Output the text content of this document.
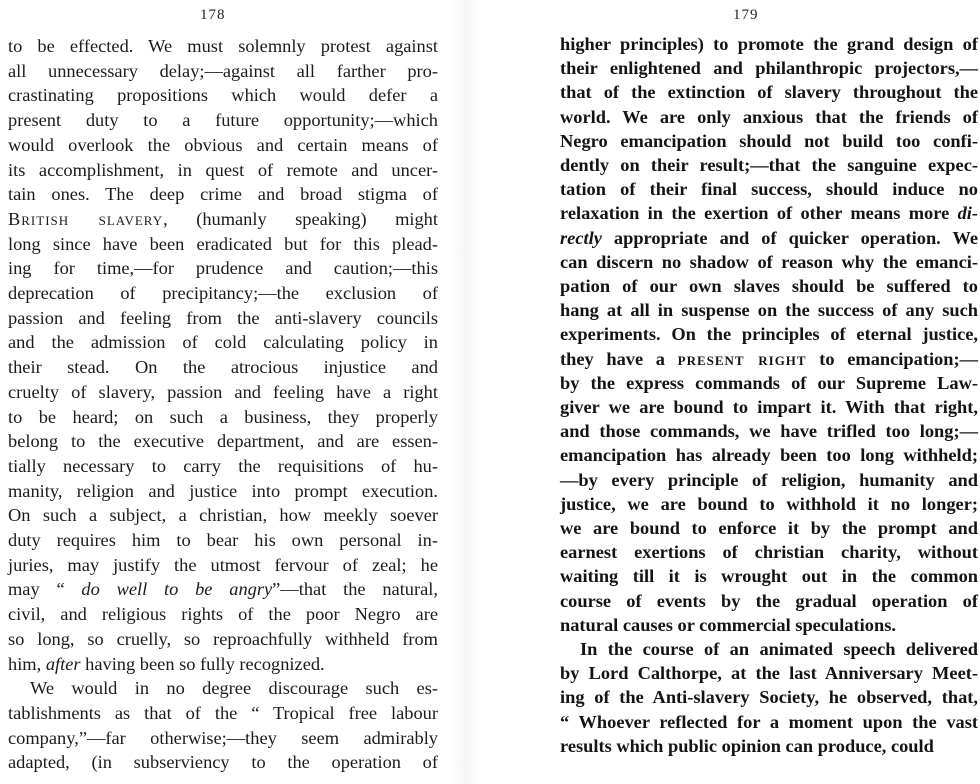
178
to be effected. We must solemnly protest against
all unnecessary delay;—against all farther pro-
crastinating propositions which would defer a
present duty to a future opportunity;—which
would overlook the obvious and certain means of
its accomplishment, in quest of remote and uncer-
tain ones. The deep crime and broad stigma of
British slavery, (humanly speaking) might
long since have been eradicated but for this plead-
ing for time,—for prudence and caution;—this
deprecation of precipitancy;—the exclusion of
passion and feeling from the anti-slavery councils
and the admission of cold calculating policy in
their stead. On the atrocious injustice and
cruelty of slavery, passion and feeling have a right
to be heard; on such a business, they properly
belong to the executive department, and are essen-
tially necessary to carry the requisitions of hu-
manity, religion and justice into prompt execution.
On such a subject, a christian, how meekly soever
duty requires him to bear his own personal in-
juries, may justify the utmost fervour of zeal; he
may “ do well to be angry”—that the natural,
civil, and religious rights of the poor Negro are
so long, so cruelly, so reproachfully withheld from
him, after having been so fully recognized.
We would in no degree discourage such es-
tablishments as that of the “ Tropical free labour
company,”—far otherwise;—they seem admirably
adapted, (in subserviency to the operation of
179
higher principles) to promote the grand design of
their enlightened and philanthropic projectors,—
that of the extinction of slavery throughout the
world. We are only anxious that the friends of
Negro emancipation should not build too confi-
dently on their result;—that the sanguine expec-
tation of their final success, should induce no
relaxation in the exertion of other means more di-
rectly appropriate and of quicker operation. We
can discern no shadow of reason why the emanci-
pation of our own slaves should be suffered to
hang at all in suspense on the success of any such
experiments. On the principles of eternal justice,
they have a present right to emancipation;—
by the express commands of our Supreme Law-
giver we are bound to impart it. With that right,
and those commands, we have trifled too long;—
emancipation has already been too long withheld;
—by every principle of religion, humanity and
justice, we are bound to withhold it no longer;
we are bound to enforce it by the prompt and
earnest exertions of christian charity, without
waiting till it is wrought out in the common
course of events by the gradual operation of
natural causes or commercial speculations.
In the course of an animated speech delivered
by Lord Calthorpe, at the last Anniversary Meet-
ing of the Anti-slavery Society, he observed, that,
“ Whoever reflected for a moment upon the vast
results which public opinion can produce, could
